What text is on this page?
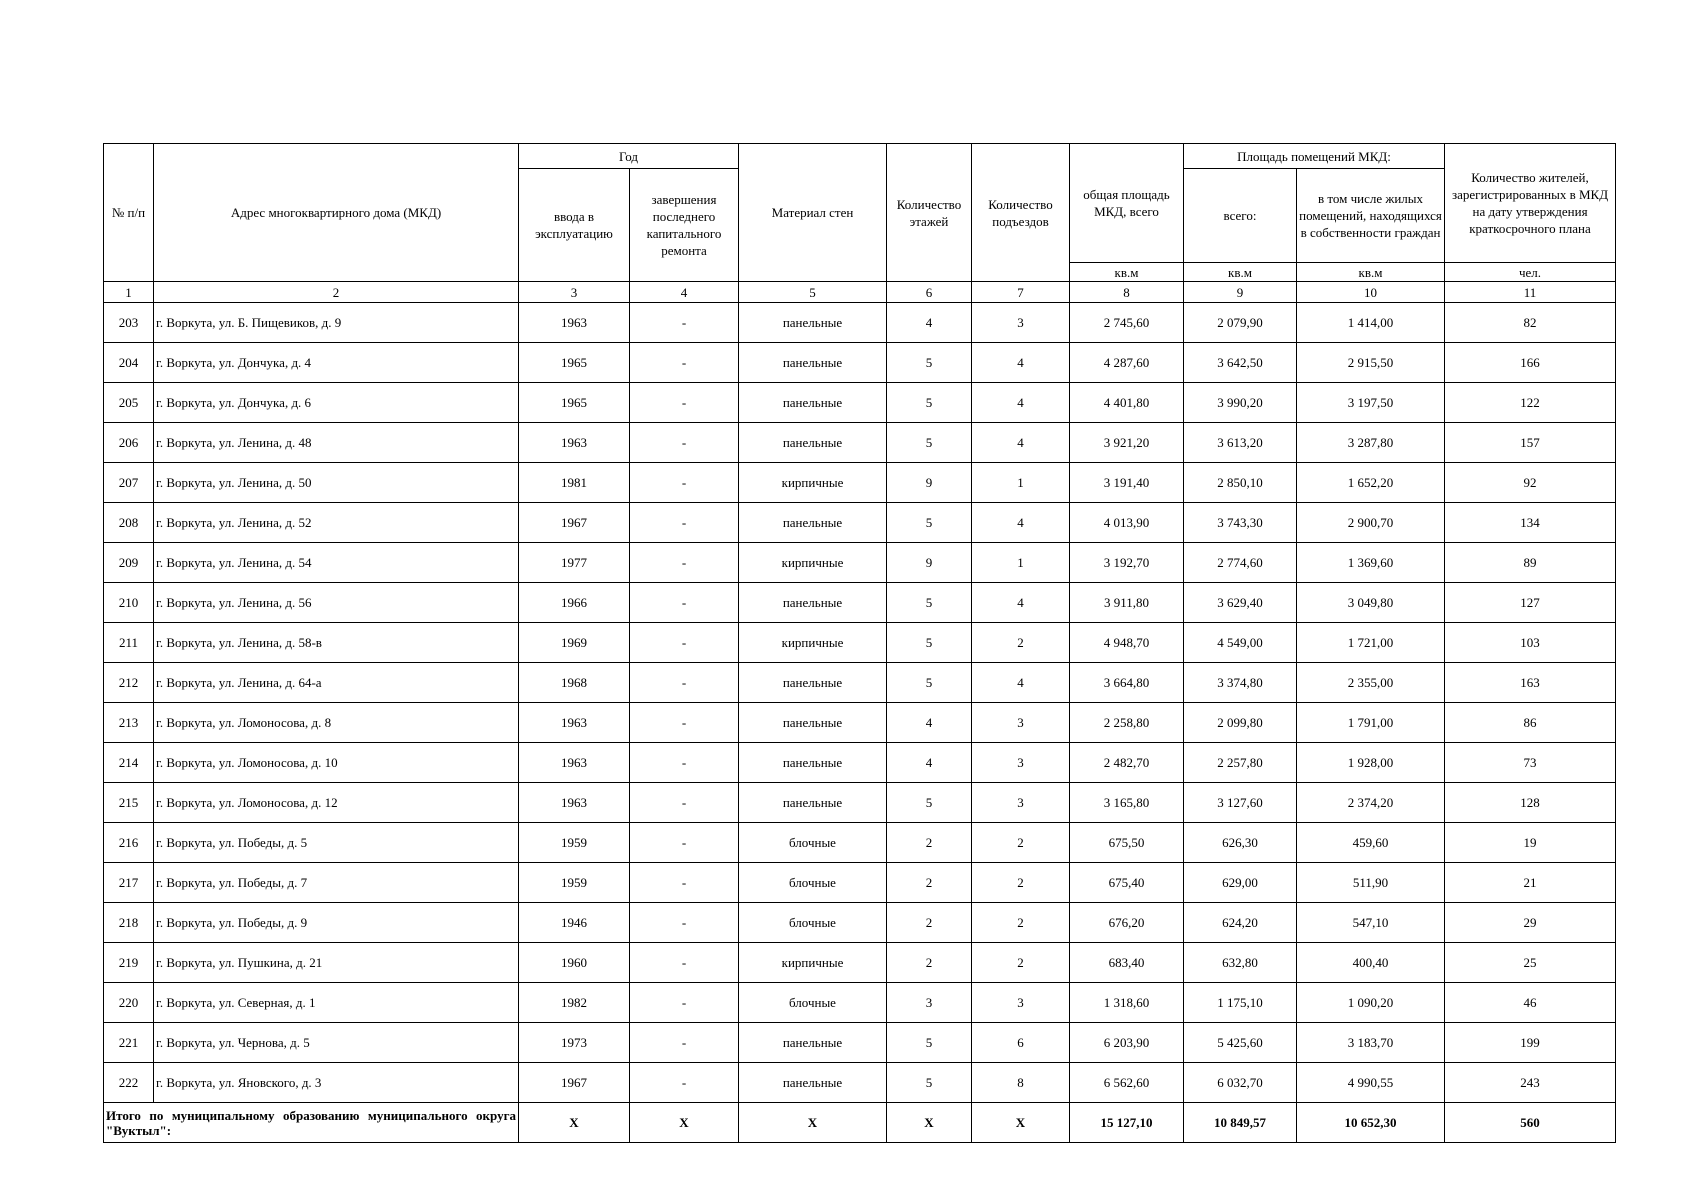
№ п/п	Адрес многоквартирного дома (МКД)	Год		Материал стен	Количество этажей	Количество подъездов	общая площадь МКД, всего	Площадь помещений МКД:		Количество жителей, зарегистрированных в МКД на дату утверждения краткосрочного плана
		ввода в эксплуатацию	завершения последнего капитального ремонта					всего:	в том числе жилых помещений, находящихся в собственности граждан	
							кв.м	кв.м	кв.м	чел.
1	2	3	4	5	6	7	8	9	10	11
203	г. Воркута, ул. Б. Пищевиков, д. 9	1963	-	панельные	4	3	2 745,60	2 079,90	1 414,00	82
204	г. Воркута, ул. Дончука, д. 4	1965	-	панельные	5	4	4 287,60	3 642,50	2 915,50	166
205	г. Воркута, ул. Дончука, д. 6	1965	-	панельные	5	4	4 401,80	3 990,20	3 197,50	122
206	г. Воркута, ул. Ленина, д. 48	1963	-	панельные	5	4	3 921,20	3 613,20	3 287,80	157
207	г. Воркута, ул. Ленина, д. 50	1981	-	кирпичные	9	1	3 191,40	2 850,10	1 652,20	92
208	г. Воркута, ул. Ленина, д. 52	1967	-	панельные	5	4	4 013,90	3 743,30	2 900,70	134
209	г. Воркута, ул. Ленина, д. 54	1977	-	кирпичные	9	1	3 192,70	2 774,60	1 369,60	89
210	г. Воркута, ул. Ленина, д. 56	1966	-	панельные	5	4	3 911,80	3 629,40	3 049,80	127
211	г. Воркута, ул. Ленина, д. 58-в	1969	-	кирпичные	5	2	4 948,70	4 549,00	1 721,00	103
212	г. Воркута, ул. Ленина, д. 64-а	1968	-	панельные	5	4	3 664,80	3 374,80	2 355,00	163
213	г. Воркута, ул. Ломоносова, д. 8	1963	-	панельные	4	3	2 258,80	2 099,80	1 791,00	86
214	г. Воркута, ул. Ломоносова, д. 10	1963	-	панельные	4	3	2 482,70	2 257,80	1 928,00	73
215	г. Воркута, ул. Ломоносова, д. 12	1963	-	панельные	5	3	3 165,80	3 127,60	2 374,20	128
216	г. Воркута, ул. Победы, д. 5	1959	-	блочные	2	2	675,50	626,30	459,60	19
217	г. Воркута, ул. Победы, д. 7	1959	-	блочные	2	2	675,40	629,00	511,90	21
218	г. Воркута, ул. Победы, д. 9	1946	-	блочные	2	2	676,20	624,20	547,10	29
219	г. Воркута, ул. Пушкина, д. 21	1960	-	кирпичные	2	2	683,40	632,80	400,40	25
220	г. Воркута, ул. Северная, д. 1	1982	-	блочные	3	3	1 318,60	1 175,10	1 090,20	46
221	г. Воркута, ул. Чернова, д. 5	1973	-	панельные	5	6	6 203,90	5 425,60	3 183,70	199
222	г. Воркута, ул. Яновского, д. 3	1967	-	панельные	5	8	6 562,60	6 032,70	4 990,55	243
Итого по муниципальному образованию муниципального округа "Вуктыл":		X	X	X	X	X	15 127,10	10 849,57	10 652,30	560
